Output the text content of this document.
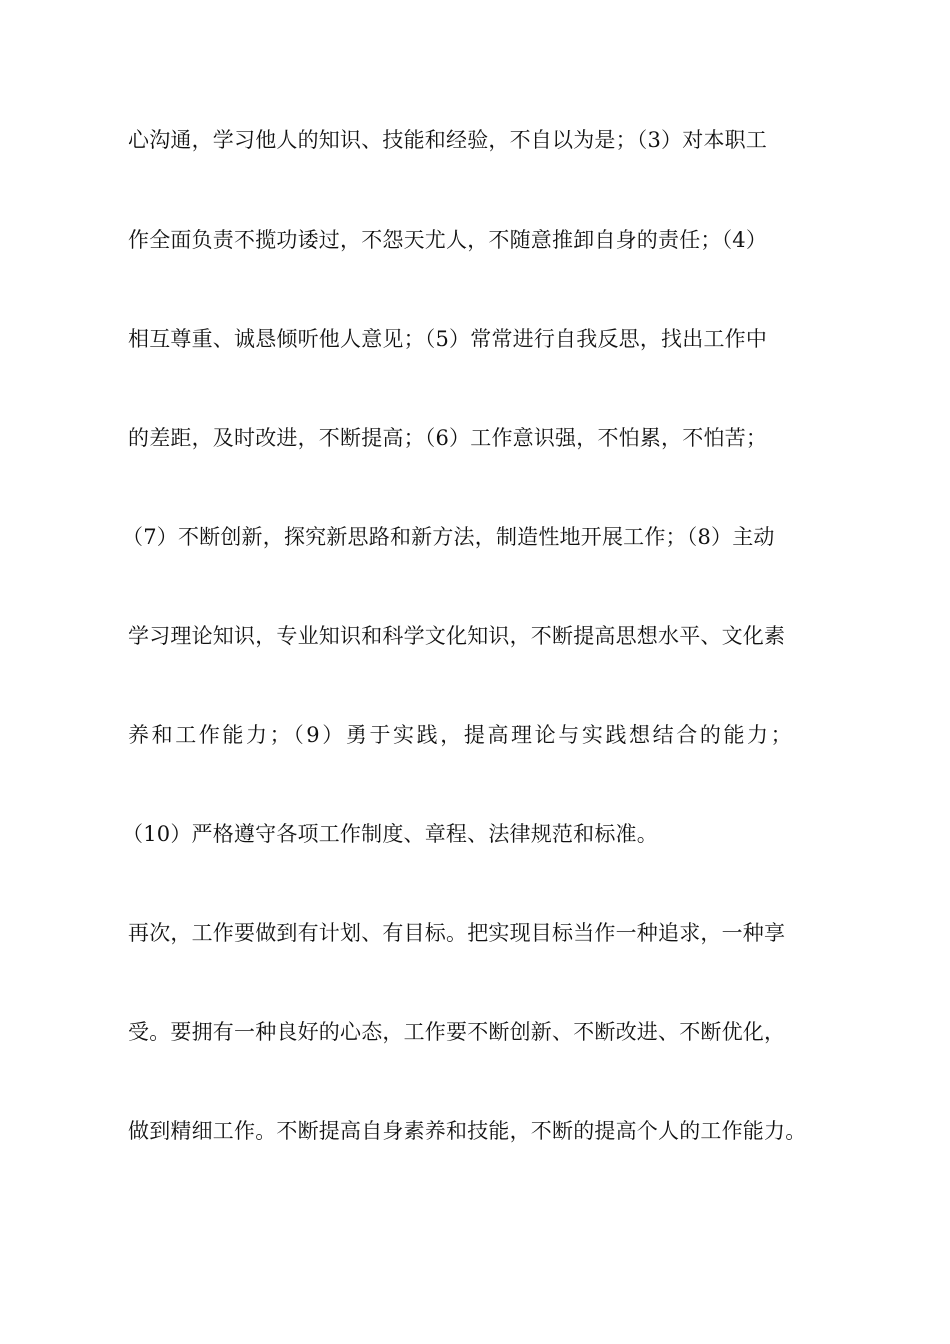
心沟通，学习他人的知识、技能和经验，不自以为是；（3）对本职工

作全面负责不揽功诿过，不怨天尤人，不随意推卸自身的责任；（4）

相互尊重、诚恳倾听他人意见；（5）常常进行自我反思，找出工作中

的差距，及时改进，不断提高；（6）工作意识强，不怕累，不怕苦；

（7）不断创新，探究新思路和新方法，制造性地开展工作；（8）主动

学习理论知识，专业知识和科学文化知识，不断提高思想水平、文化素

养和工作能力；（9）勇于实践，提高理论与实践想结合的能力；

（10）严格遵守各项工作制度、章程、法律规范和标准。

再次，工作要做到有计划、有目标。把实现目标当作一种追求，一种享

受。要拥有一种良好的心态，工作要不断创新、不断改进、不断优化，

做到精细工作。不断提高自身素养和技能，不断的提高个人的工作能力。
